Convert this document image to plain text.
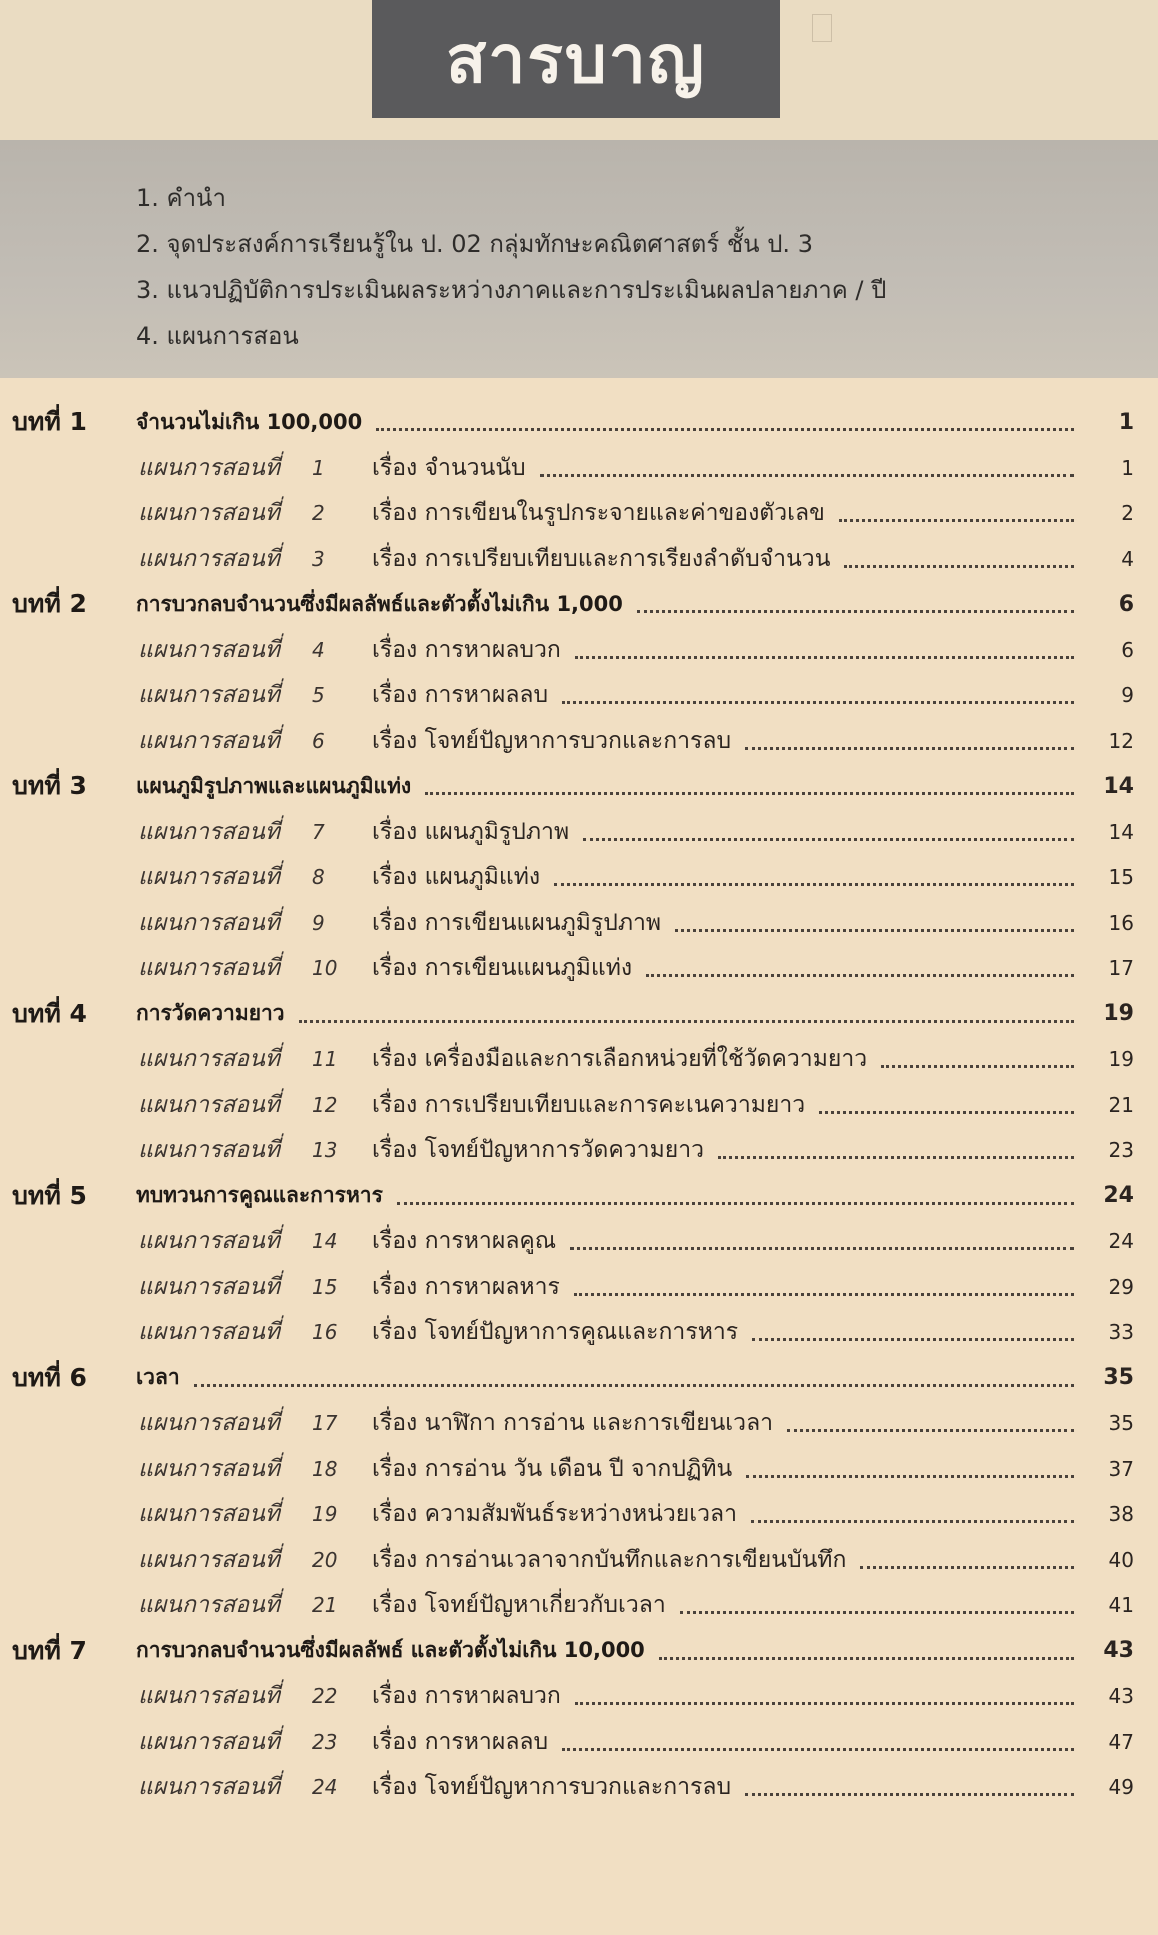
สารบาญ
1. คำนำ
2. จุดประสงค์การเรียนรู้ใน ป. 02 กลุ่มทักษะคณิตศาสตร์ ชั้น ป. 3
3. แนวปฏิบัติการประเมินผลระหว่างภาคและการประเมินผลปลายภาค / ปี
4. แผนการสอน
บทที่ 1 จำนวนไม่เกิน 100,000	1
แผนการสอนที่ 1	เรื่อง จำนวนนับ	1
แผนการสอนที่ 2	เรื่อง การเขียนในรูปกระจายและค่าของตัวเลข	2
แผนการสอนที่ 3	เรื่อง การเปรียบเทียบและการเรียงลำดับจำนวน	4
บทที่ 2 การบวกลบจำนวนซึ่งมีผลลัพธ์และตัวตั้งไม่เกิน 1,000	6
แผนการสอนที่ 4	เรื่อง การหาผลบวก	6
แผนการสอนที่ 5	เรื่อง การหาผลลบ	9
แผนการสอนที่ 6	เรื่อง โจทย์ปัญหาการบวกและการลบ	12
บทที่ 3 แผนภูมิรูปภาพและแผนภูมิแท่ง	14
แผนการสอนที่ 7	เรื่อง แผนภูมิรูปภาพ	14
แผนการสอนที่ 8	เรื่อง แผนภูมิแท่ง	15
แผนการสอนที่ 9	เรื่อง การเขียนแผนภูมิรูปภาพ	16
แผนการสอนที่ 10	เรื่อง การเขียนแผนภูมิแท่ง	17
บทที่ 4 การวัดความยาว	19
แผนการสอนที่ 11	เรื่อง เครื่องมือและการเลือกหน่วยที่ใช้วัดความยาว	19
แผนการสอนที่ 12	เรื่อง การเปรียบเทียบและการคะเนความยาว	21
แผนการสอนที่ 13	เรื่อง โจทย์ปัญหาการวัดความยาว	23
บทที่ 5 ทบทวนการคูณและการหาร	24
แผนการสอนที่ 14	เรื่อง การหาผลคูณ	24
แผนการสอนที่ 15	เรื่อง การหาผลหาร	29
แผนการสอนที่ 16	เรื่อง โจทย์ปัญหาการคูณและการหาร	33
บทที่ 6 เวลา	35
แผนการสอนที่ 17	เรื่อง นาฬิกา การอ่าน และการเขียนเวลา	35
แผนการสอนที่ 18	เรื่อง การอ่าน วัน เดือน ปี จากปฏิทิน	37
แผนการสอนที่ 19	เรื่อง ความสัมพันธ์ระหว่างหน่วยเวลา	38
แผนการสอนที่ 20	เรื่อง การอ่านเวลาจากบันทึกและการเขียนบันทึก	40
แผนการสอนที่ 21	เรื่อง โจทย์ปัญหาเกี่ยวกับเวลา	41
บทที่ 7 การบวกลบจำนวนซึ่งมีผลลัพธ์ และตัวตั้งไม่เกิน 10,000	43
แผนการสอนที่ 22	เรื่อง การหาผลบวก	43
แผนการสอนที่ 23	เรื่อง การหาผลลบ	47
แผนการสอนที่ 24	เรื่อง โจทย์ปัญหาการบวกและการลบ	49
